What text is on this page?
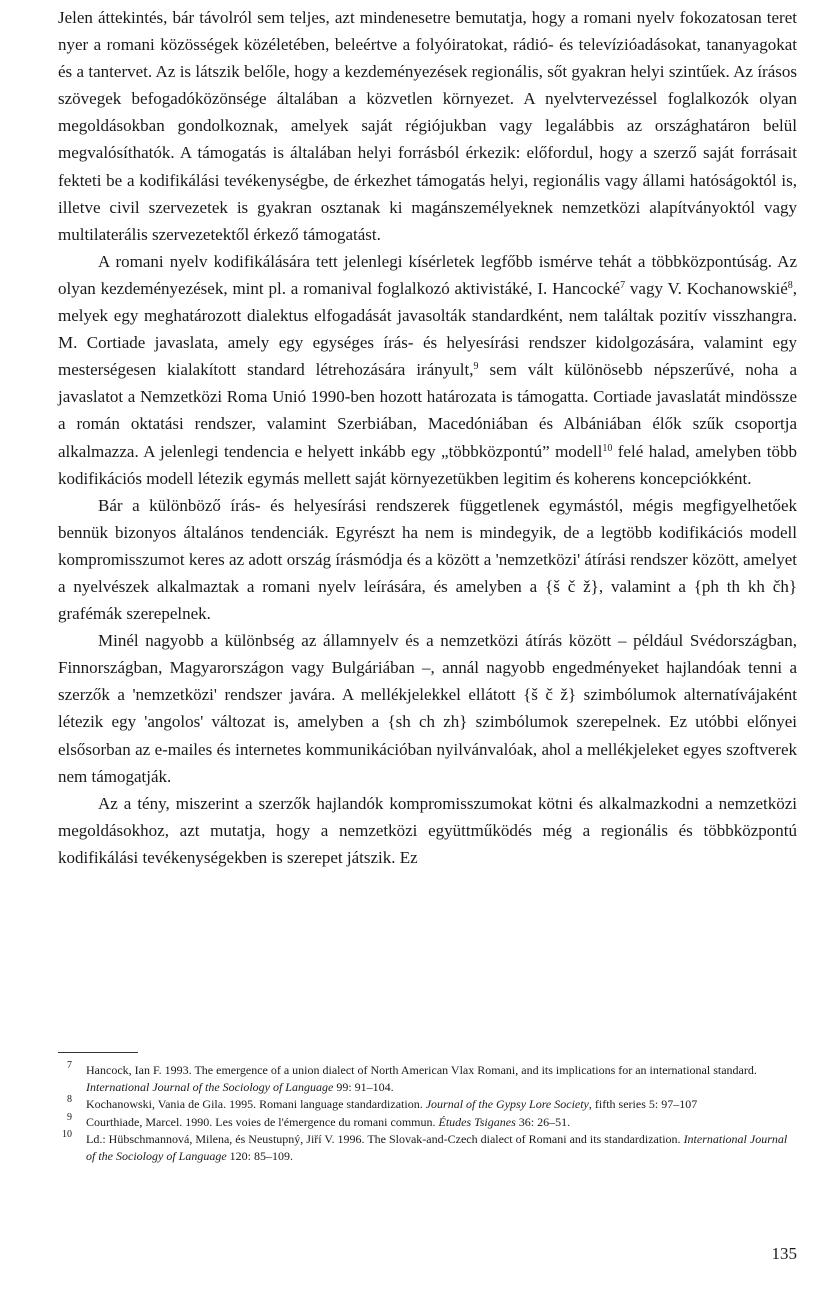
Jelen áttekintés, bár távolról sem teljes, azt mindenesetre bemutatja, hogy a romani nyelv fokozatosan teret nyer a romani közösségek közéletében, beleértve a folyóiratokat, rádió- és televízióadásokat, tananyagokat és a tantervet. Az is látszik belőle, hogy a kezdeményezések regionális, sőt gyakran helyi szintűek. Az írásos szövegek befogadóközönsége általában a közvetlen környezet. A nyelvtervezéssel foglalkozók olyan megoldásokban gondolkoznak, amelyek saját régiójukban vagy legalábbis az országhatáron belül megvalósíthatók. A támogatás is általában helyi forrásból érkezik: előfordul, hogy a szerző saját forrásait fekteti be a kodifikálási tevékenységbe, de érkezhet támogatás helyi, regionális vagy állami hatóságoktól is, illetve civil szervezetek is gyakran osztanak ki magánszemélyeknek nemzetközi alapítványoktól vagy multilaterális szervezetektől érkező támogatást.

A romani nyelv kodifikálására tett jelenlegi kísérletek legfőbb ismérve tehát a többközpontúság. Az olyan kezdeményezések, mint pl. a romanival foglalkozó aktivistáké, I. Hancocké$^7$ vagy V. Kochanowskié$^8$, melyek egy meghatározott dialektus elfogadását javasolták standardként, nem találtak pozitív visszhangra. M. Cortiade javaslata, amely egy egységes írás- és helyesírási rendszer kidolgozására, valamint egy mesterségesen kialakított standard létrehozására irányult,$^9$ sem vált különösebb népszerűvé, noha a javaslatot a Nemzetközi Roma Unió 1990-ben hozott határozata is támogatta. Cortiade javaslatát mindössze a román oktatási rendszer, valamint Szerbiában, Macedóniában és Albániában élők szűk csoportja alkalmazza. A jelenlegi tendencia e helyett inkább egy „többközpontú” modell$^{10}$ felé halad, amelyben több kodifikációs modell létezik egymás mellett saját környezetükben legitim és koherens koncepciókként.

Bár a különböző írás- és helyesírási rendszerek függetlenek egymástól, mégis megfigyelhetőek bennük bizonyos általános tendenciák. Egyrészt ha nem is mindegyik, de a legtöbb kodifikációs modell kompromisszumot keres az adott ország írásmódja és a között a 'nemzetközi' átírási rendszer között, amelyet a nyelvészek alkalmaztak a romani nyelv leírására, és amelyben a {š č ž}, valamint a {ph th kh čh} grafémák szerepelnek.

Minél nagyobb a különbség az államnyelv és a nemzetközi átírás között – például Svédországban, Finnországban, Magyarországon vagy Bulgáriában –, annál nagyobb engedményeket hajlandóak tenni a szerzők a 'nemzetközi' rendszer javára. A mellékjelekkel ellátott {š č ž} szimbólumok alternatívájaként létezik egy 'angolos' változat is, amelyben a {sh ch zh} szimbólumok szerepelnek. Ez utóbbi előnyei elsősorban az e-mailes és internetes kommunikációban nyilvánvalóak, ahol a mellékjeleket egyes szoftverek nem támogatják.

Az a tény, miszerint a szerzők hajlandók kompromisszumokat kötni és alkalmazkodni a nemzetközi megoldásokhoz, azt mutatja, hogy a nemzetközi együttműködés még a regionális és többközpontú kodifikálási tevékenységekben is szerepet játszik. Ez

7 Hancock, Ian F. 1993. The emergence of a union dialect of North American Vlax Romani, and its implications for an international standard. International Journal of the Sociology of Language 99: 91–104.
8 Kochanowski, Vania de Gila. 1995. Romani language standardization. Journal of the Gypsy Lore Society, fifth series 5: 97–107
9 Courthiade, Marcel. 1990. Les voies de l'émergence du romani commun. Études Tsiganes 36: 26–51.
10 Ld.: Hübschmannová, Milena, és Neustupný, Jiří V. 1996. The Slovak-and-Czech dialect of Romani and its standardization. International Journal of the Sociology of Language 120: 85–109.
135
